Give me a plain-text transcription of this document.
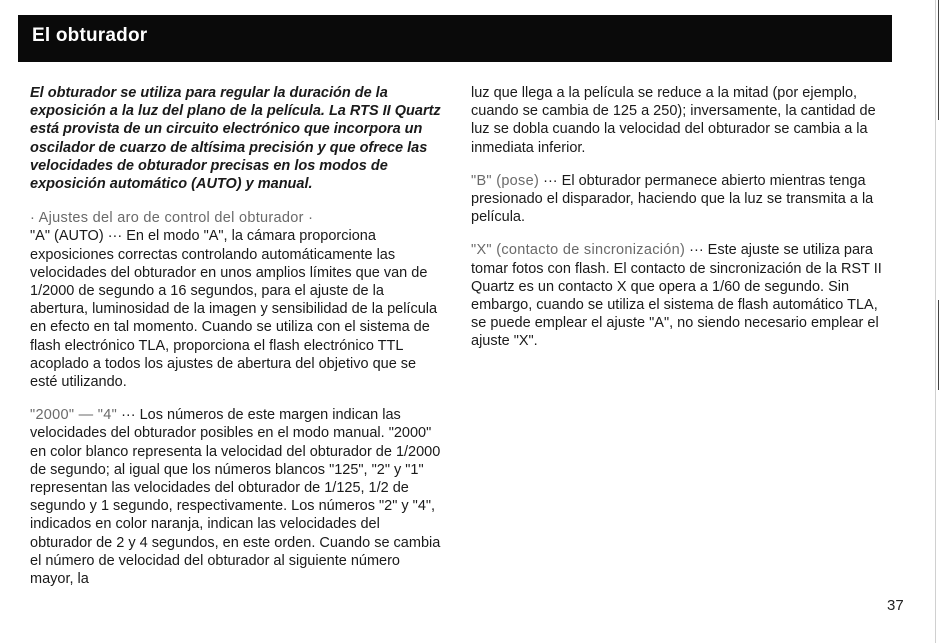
El obturador

El obturador se utiliza para regular la duración de la exposición a la luz del plano de la película. La RTS II Quartz está provista de un circuito electrónico que incorpora un oscilador de cuarzo de altísima precisión y que ofrece las velocidades de obturador precisas en los modos de exposición automático (AUTO) y manual.

· Ajustes del aro de control del obturador ·
"A" (AUTO) ··· En el modo "A", la cámara proporciona exposiciones correctas controlando automáticamente las velocidades del obturador en unos amplios límites que van de 1/2000 de segundo a 16 segundos, para el ajuste de la abertura, luminosidad de la imagen y sensibilidad de la película en efecto en tal momento. Cuando se utiliza con el sistema de flash electrónico TLA, proporciona el flash electrónico TTL acoplado a todos los ajustes de abertura del objetivo que se esté utilizando.

"2000" — "4" ··· Los números de este margen indican las velocidades del obturador posibles en el modo manual. "2000" en color blanco representa la velocidad del obturador de 1/2000 de segundo; al igual que los números blancos "125", "2" y "1" representan las velocidades del obturador de 1/125, 1/2 de segundo y 1 segundo, respectivamente. Los números "2" y "4", indicados en color naranja, indican las velocidades del obturador de 2 y 4 segundos, en este orden. Cuando se cambia el número de velocidad del obturador al siguiente número mayor, la

luz que llega a la película se reduce a la mitad (por ejemplo, cuando se cambia de 125 a 250); inversamente, la cantidad de luz se dobla cuando la velocidad del obturador se cambia a la inmediata inferior.

"B" (pose) ··· El obturador permanece abierto mientras tenga presionado el disparador, haciendo que la luz se transmita a la película.

"X" (contacto de sincronización) ··· Este ajuste se utiliza para tomar fotos con flash. El contacto de sincronización de la RST II Quartz es un contacto X que opera a 1/60 de segundo. Sin embargo, cuando se utiliza el sistema de flash automático TLA, se puede emplear el ajuste "A", no siendo necesario emplear el ajuste "X".

37
